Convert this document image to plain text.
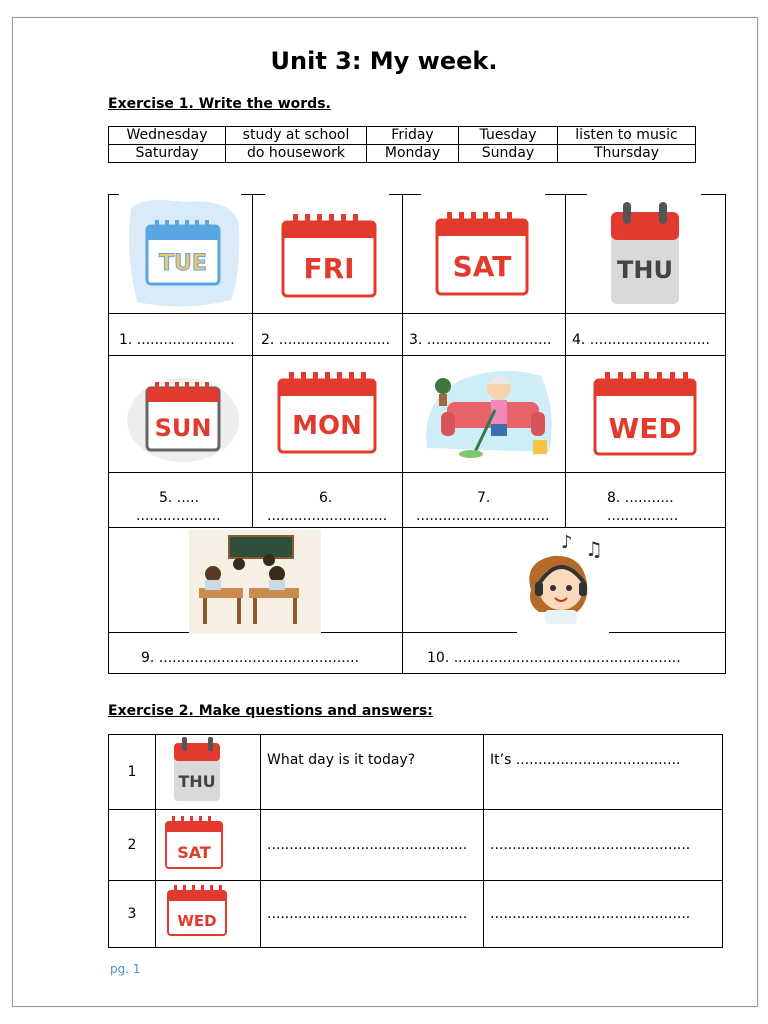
Unit 3: My week.

Exercise 1. Write the words.

Wednesday	study at school	Friday	Tuesday	listen to music
Saturday	do housework	Monday	Sunday	Thursday
TUE	FRI	SAT	THU
1. ...................... 2. ......................... 3. ............................ 4. ...........................
SUN	MON	WED
5. .....
...................
6.
...........................
7.
..............................
8. ...........
................
♪ ♫
9. .............................................	10. ...................................................

Exercise 2. Make questions and answers:

1	THU	What day is it today?	It’s .....................................
2	SAT	.............................................	.............................................
3	WED	.............................................	.............................................
pg. 1
